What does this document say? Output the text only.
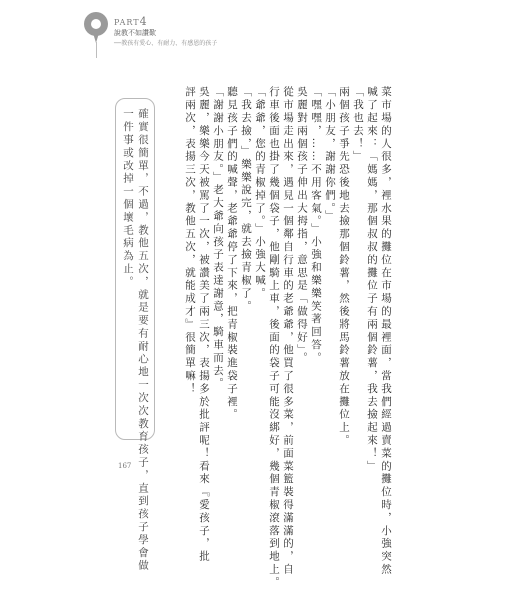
PART4
說教不如讚歎
──教孩有愛心、有耐力、有感恩的孩子
菜市場的人很多，裡水果的攤位在市場的最裡面，當我們經過賣菜的攤位時，小強突然
喊了起來：「媽媽，那個叔叔的攤位子有兩個鈴薯，我去撿起來！」
「我也去！」
兩個孩子爭先恐後地去撿那個鈴薯，然後將馬鈴薯放在攤位上。
「小朋友，謝謝你們。」
「嘿嘿，……不用客氣。」小強和樂樂笑著回答。
吳麗對兩個孩子伸出大拇指，意思是「做得好」。
從市場走出來，遇見一個鄰自行車的老爺爺，他買了很多菜，前面菜籃裝得滿滿的，自
行車後面也掛了幾個袋子，他剛騎上車，後面的袋子可能沒綁好，幾個青椒滾落到地上。
「爺爺，您的青椒掉了。」小強大喊。
「我去撿，」樂樂說完，就去撿青椒了。
聽見孩子們的喊聲，老爺爺停了下來，把青椒裝進袋子裡。
「謝謝小朋友。」老大爺向孩子表達謝意，騎車而去。
吳麗，樂樂今天被罵了一次，被讚美了兩三次，表揚多於批評呢！看來『愛孩子，批
評兩次，表揚三次，教他五次，就能成才』很簡單嘛！
確實很簡單，不過，教他五次，就是要有耐心地一次次教育孩子，直到孩子學會做
一件事或改掉一個壞毛病為止。
167
